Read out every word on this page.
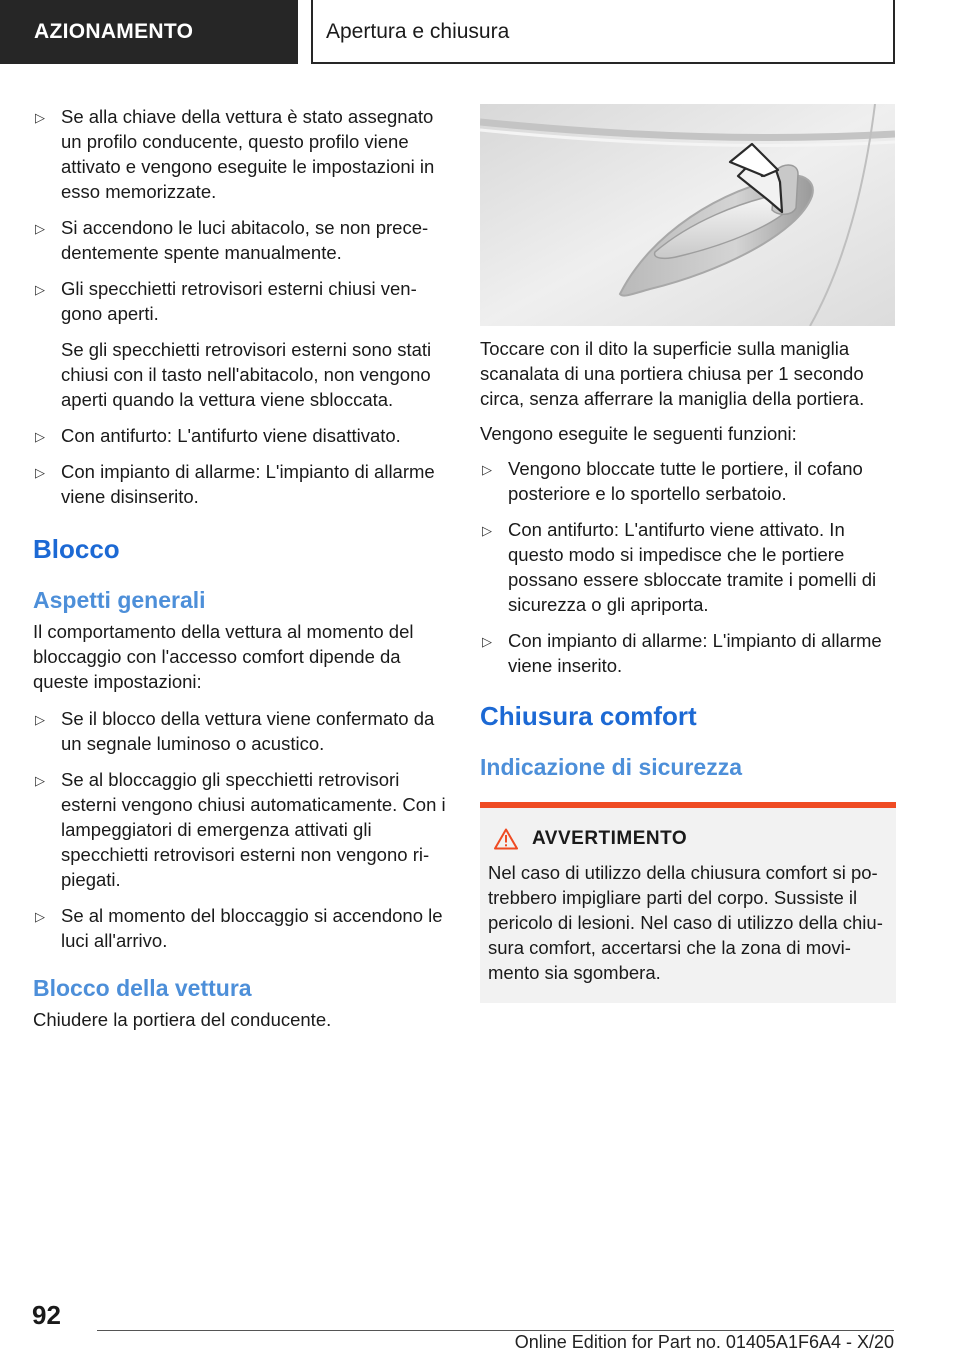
AZIONAMENTO	Apertura e chiusura
▷ Se alla chiave della vettura è stato assegnato un profilo conducente, questo profilo viene attivato e vengono eseguite le impostazioni in esso memorizzate.
▷ Si accendono le luci abitacolo, se non prece‐dentemente spente manualmente.
▷ Gli specchietti retrovisori esterni chiusi ven‐gono aperti.
Se gli specchietti retrovisori esterni sono stati chiusi con il tasto nell'abitacolo, non vengono aperti quando la vettura viene sbloccata.
▷ Con antifurto: L'antifurto viene disattivato.
▷ Con impianto di allarme: L'impianto di allarme viene disinserito.
Blocco
Aspetti generali

Il comportamento della vettura al momento del bloccaggio con l'accesso comfort dipende da queste impostazioni:

▷ Se il blocco della vettura viene confermato da un segnale luminoso o acustico.
▷ Se al bloccaggio gli specchietti retrovisori esterni vengono chiusi automaticamente. Con i lampeggiatori di emergenza attivati gli specchietti retrovisori esterni non vengono ri‐piegati.
▷ Se al momento del bloccaggio si accendono le luci all'arrivo.
Blocco della vettura

Chiudere la portiera del conducente.

Toccare con il dito la superficie sulla maniglia scanalata di una portiera chiusa per 1 secondo circa, senza afferrare la maniglia della portiera.

Vengono eseguite le seguenti funzioni:

▷ Vengono bloccate tutte le portiere, il cofano posteriore e lo sportello serbatoio.
▷ Con antifurto: L'antifurto viene attivato. In questo modo si impedisce che le portiere possano essere sbloccate tramite i pomelli di sicurezza o gli apriporta.
▷ Con impianto di allarme: L'impianto di allarme viene inserito.
Chiusura comfort
Indicazione di sicurezza
AVVERTIMENTO
Nel caso di utilizzo della chiusura comfort si po‐trebbero impigliare parti del corpo. Sussiste il pericolo di lesioni. Nel caso di utilizzo della chiu‐sura comfort, accertarsi che la zona di movi‐mento sia sgombera.
92
Online Edition for Part no. 01405A1F6A4 - X/20
